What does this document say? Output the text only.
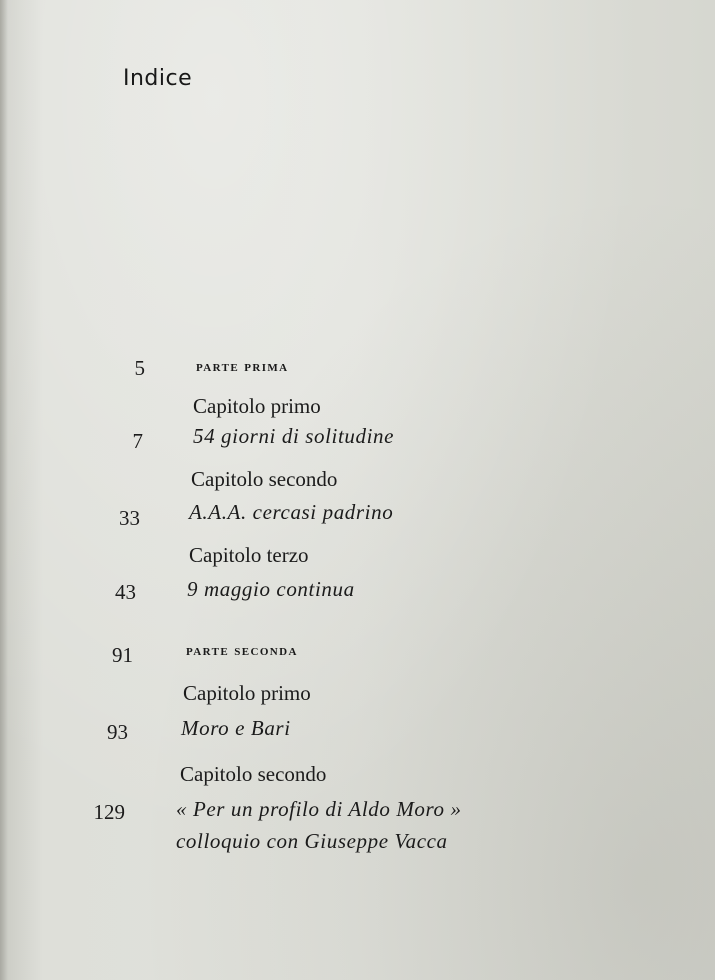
Indice
5	parte prima
Capitolo primo
7 54 giorni di solitudine
Capitolo secondo
33 A.A.A. cercasi padrino
Capitolo terzo
43 9 maggio continua
91	parte seconda
Capitolo primo
93	Moro e Bari
Capitolo secondo
129 « Per un profilo di Aldo Moro »
colloquio con Giuseppe Vacca
